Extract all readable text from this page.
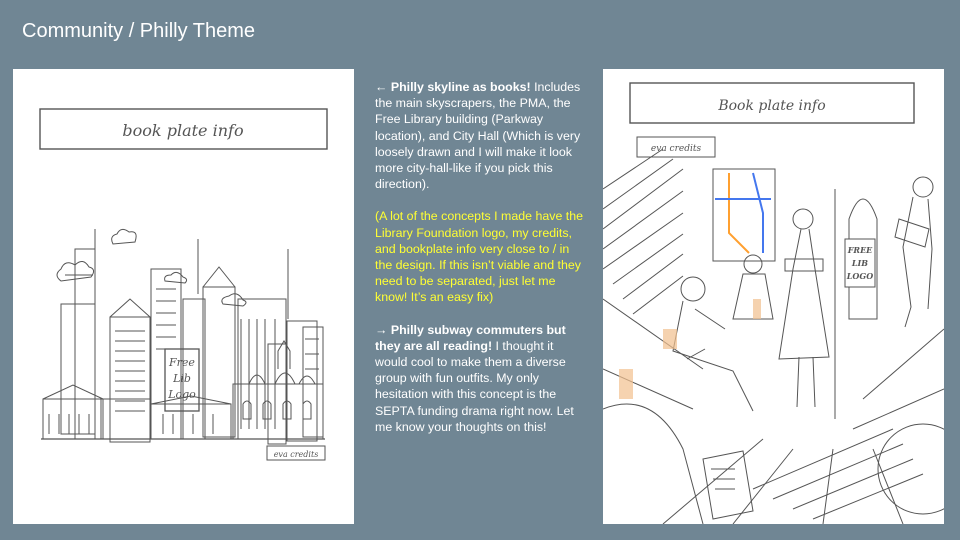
Community / Philly Theme
book plate info
Free
Lib
Logo
eva credits

← Philly skyline as books! Includes the main skyscrapers, the PMA, the Free Library building (Parkway location), and City Hall (Which is very loosely drawn and I will make it look more city-hall-like if you pick this direction).

(A lot of the concepts I made have the Library Foundation logo, my credits, and bookplate info very close to / in the design. If this isn’t viable and they need to be separated, just let me know! It’s an easy fix)

→ Philly subway commuters but they are all reading! I thought it would cool to make them a diverse group with fun outfits. My only hesitation with this concept is the SEPTA funding drama right now. Let me know your thoughts on this!

Book plate info
eva credits
FREE
LIB
LOGO
